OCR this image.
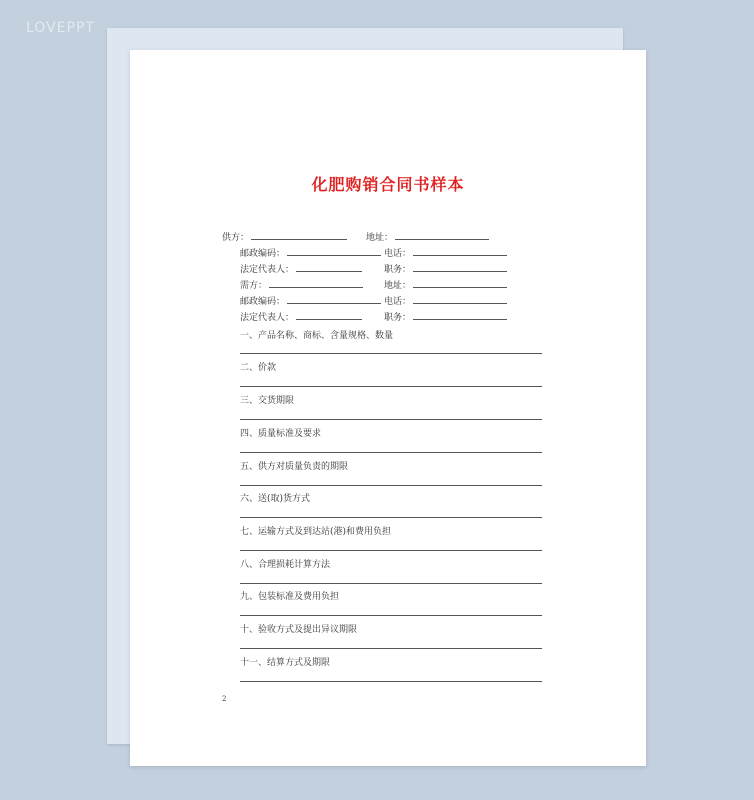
LOVEPPT
化肥购销合同书样本
供方：	地址：
邮政编码：	电话：
法定代表人：	职务：
需方：	地址：
邮政编码：	电话：
法定代表人：	职务：
一、产品名称、商标、含量规格、数量
二、价款
三、交货期限
四、质量标准及要求
五、供方对质量负责的期限
六、送(取)货方式
七、运输方式及到达站(港)和费用负担
八、合理损耗计算方法
九、包装标准及费用负担
十、验收方式及提出异议期限
十一、结算方式及期限
2
